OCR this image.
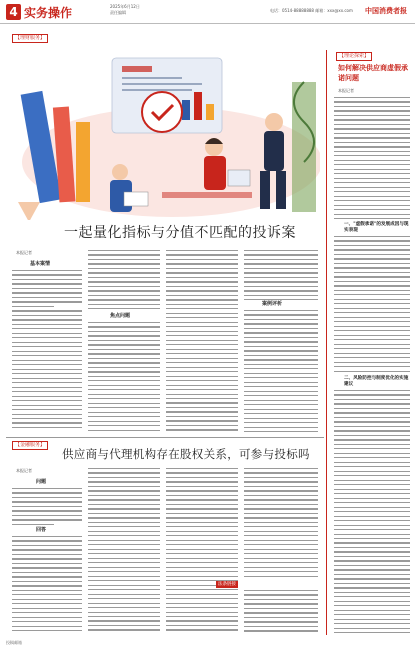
4 实务操作	2025年6月12日
责任编辑	电话：0514-88888888 邮箱：xxx@xx.com 中国消费者报
【理财服务】
一起量化指标与分值不匹配的投诉案
本报记者
基本案情
焦点问题
案例评析
【金融服务】
供应商与代理机构存在股权关系，可参与投标吗
本报记者
问题
回答
法条链接
【理论探索】
如何解决供应商虚假承诺问题
本报记者
一、"虚假承诺"的发展成因与现实表现
二、风险防控与制度优化的实施建议
投稿邮箱
